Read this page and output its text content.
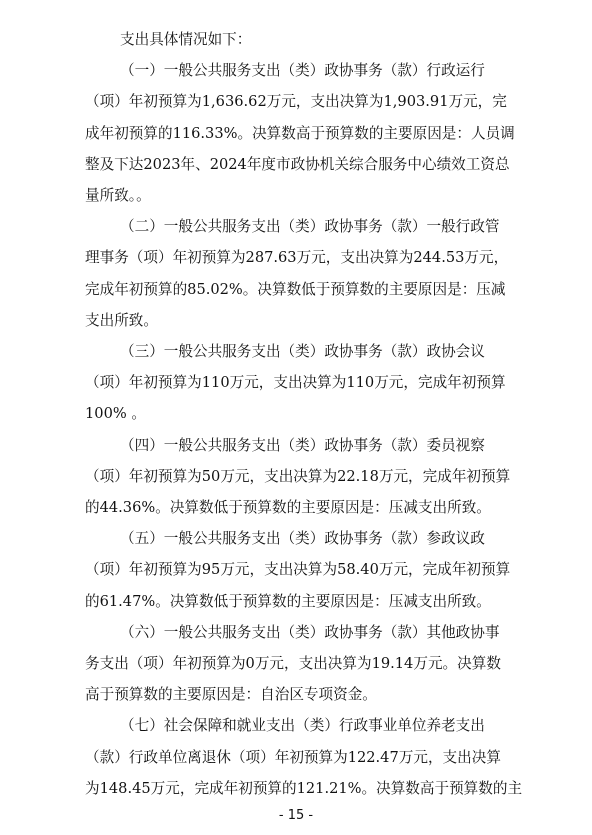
支出具体情况如下：
（一）一般公共服务支出（类）政协事务（款）行政运行
（项）年初预算为1,636.62万元，支出决算为1,903.91万元，完
成年初预算的116.33%。决算数高于预算数的主要原因是：人员调
整及下达2023年、2024年度市政协机关综合服务中心绩效工资总
量所致。。
（二）一般公共服务支出（类）政协事务（款）一般行政管
理事务（项）年初预算为287.63万元，支出决算为244.53万元，
完成年初预算的85.02%。决算数低于预算数的主要原因是：压减
支出所致。
（三）一般公共服务支出（类）政协事务（款）政协会议
（项）年初预算为110万元，支出决算为110万元，完成年初预算
100% 。
（四）一般公共服务支出（类）政协事务（款）委员视察
（项）年初预算为50万元，支出决算为22.18万元，完成年初预算
的44.36%。决算数低于预算数的主要原因是：压减支出所致。
（五）一般公共服务支出（类）政协事务（款）参政议政
（项）年初预算为95万元，支出决算为58.40万元，完成年初预算
的61.47%。决算数低于预算数的主要原因是：压减支出所致。
（六）一般公共服务支出（类）政协事务（款）其他政协事
务支出（项）年初预算为0万元，支出决算为19.14万元。决算数
高于预算数的主要原因是：自治区专项资金。
（七）社会保障和就业支出（类）行政事业单位养老支出
（款）行政单位离退休（项）年初预算为122.47万元，支出决算
为148.45万元，完成年初预算的121.21%。决算数高于预算数的主
- 15 -
